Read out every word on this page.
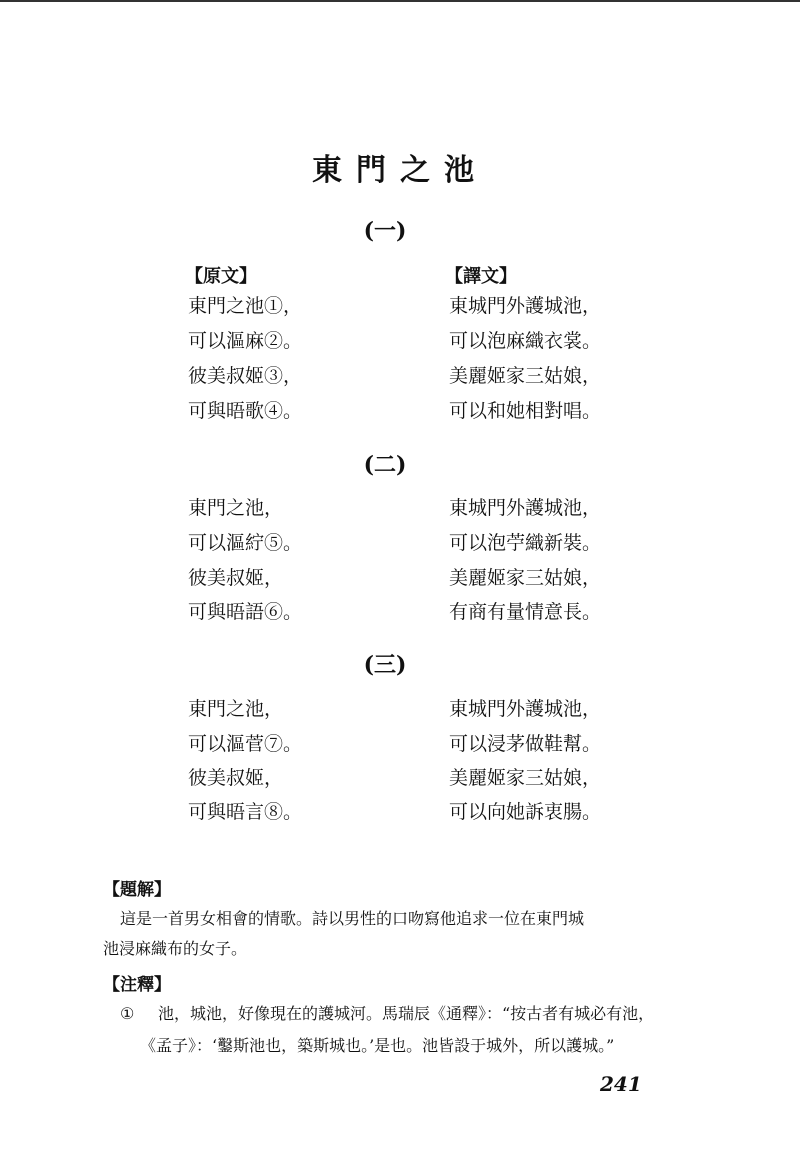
東門之池
(一)
【原文】	【譯文】
東門之池①，
可以漚麻②。
彼美叔姬③，
可與晤歌④。
東城門外護城池，
可以泡麻織衣裳。
美麗姬家三姑娘，
可以和她相對唱。
(二)
東門之池，
可以漚紵⑤。
彼美叔姬，
可與晤語⑥。
東城門外護城池，
可以泡苧織新裝。
美麗姬家三姑娘，
有商有量情意長。
(三)
東門之池，
可以漚菅⑦。
彼美叔姬，
可與晤言⑧。
東城門外護城池，
可以浸茅做鞋幫。
美麗姬家三姑娘，
可以向她訴衷腸。
【題解】
這是一首男女相會的情歌。詩以男性的口吻寫他追求一位在東門城
池浸麻織布的女子。
【注釋】
① 池，城池，好像現在的護城河。馬瑞辰《通釋》：“按古者有城必有池，
《孟子》：‘鑿斯池也，築斯城也。’是也。池皆設于城外，所以護城。”
241
